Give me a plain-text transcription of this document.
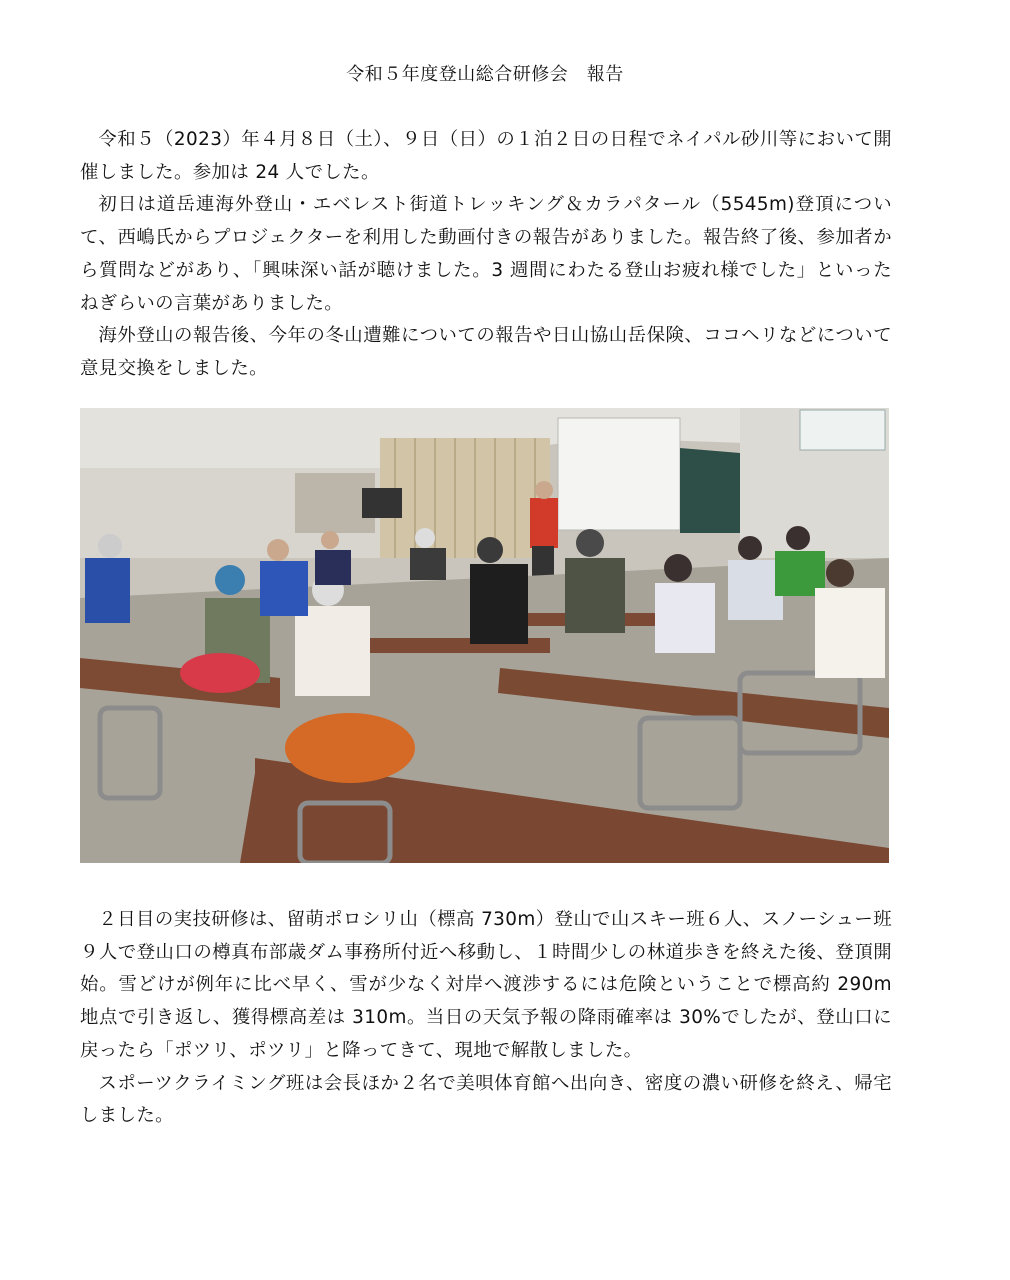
令和５年度登山総合研修会　報告

令和５（2023）年４月８日（土）、９日（日）の１泊２日の日程でネイパル砂川等において開催しました。参加は 24 人でした。

初日は道岳連海外登山・エベレスト街道トレッキング＆カラパタール（5545m)登頂について、西嶋氏からプロジェクターを利用した動画付きの報告がありました。報告終了後、参加者から質問などがあり、「興味深い話が聴けました。3 週間にわたる登山お疲れ様でした」といったねぎらいの言葉がありました。

海外登山の報告後、今年の冬山遭難についての報告や日山協山岳保険、ココヘリなどについて意見交換をしました。

２日目の実技研修は、留萌ポロシリ山（標高 730m）登山で山スキー班６人、スノーシュー班９人で登山口の樽真布部歳ダム事務所付近へ移動し、１時間少しの林道歩きを終えた後、登頂開始。雪どけが例年に比べ早く、雪が少なく対岸へ渡渉するには危険ということで標高約 290m地点で引き返し、獲得標高差は 310m。当日の天気予報の降雨確率は 30%でしたが、登山口に戻ったら「ポツリ、ポツリ」と降ってきて、現地で解散しました。

スポーツクライミング班は会長ほか２名で美唄体育館へ出向き、密度の濃い研修を終え、帰宅しました。
